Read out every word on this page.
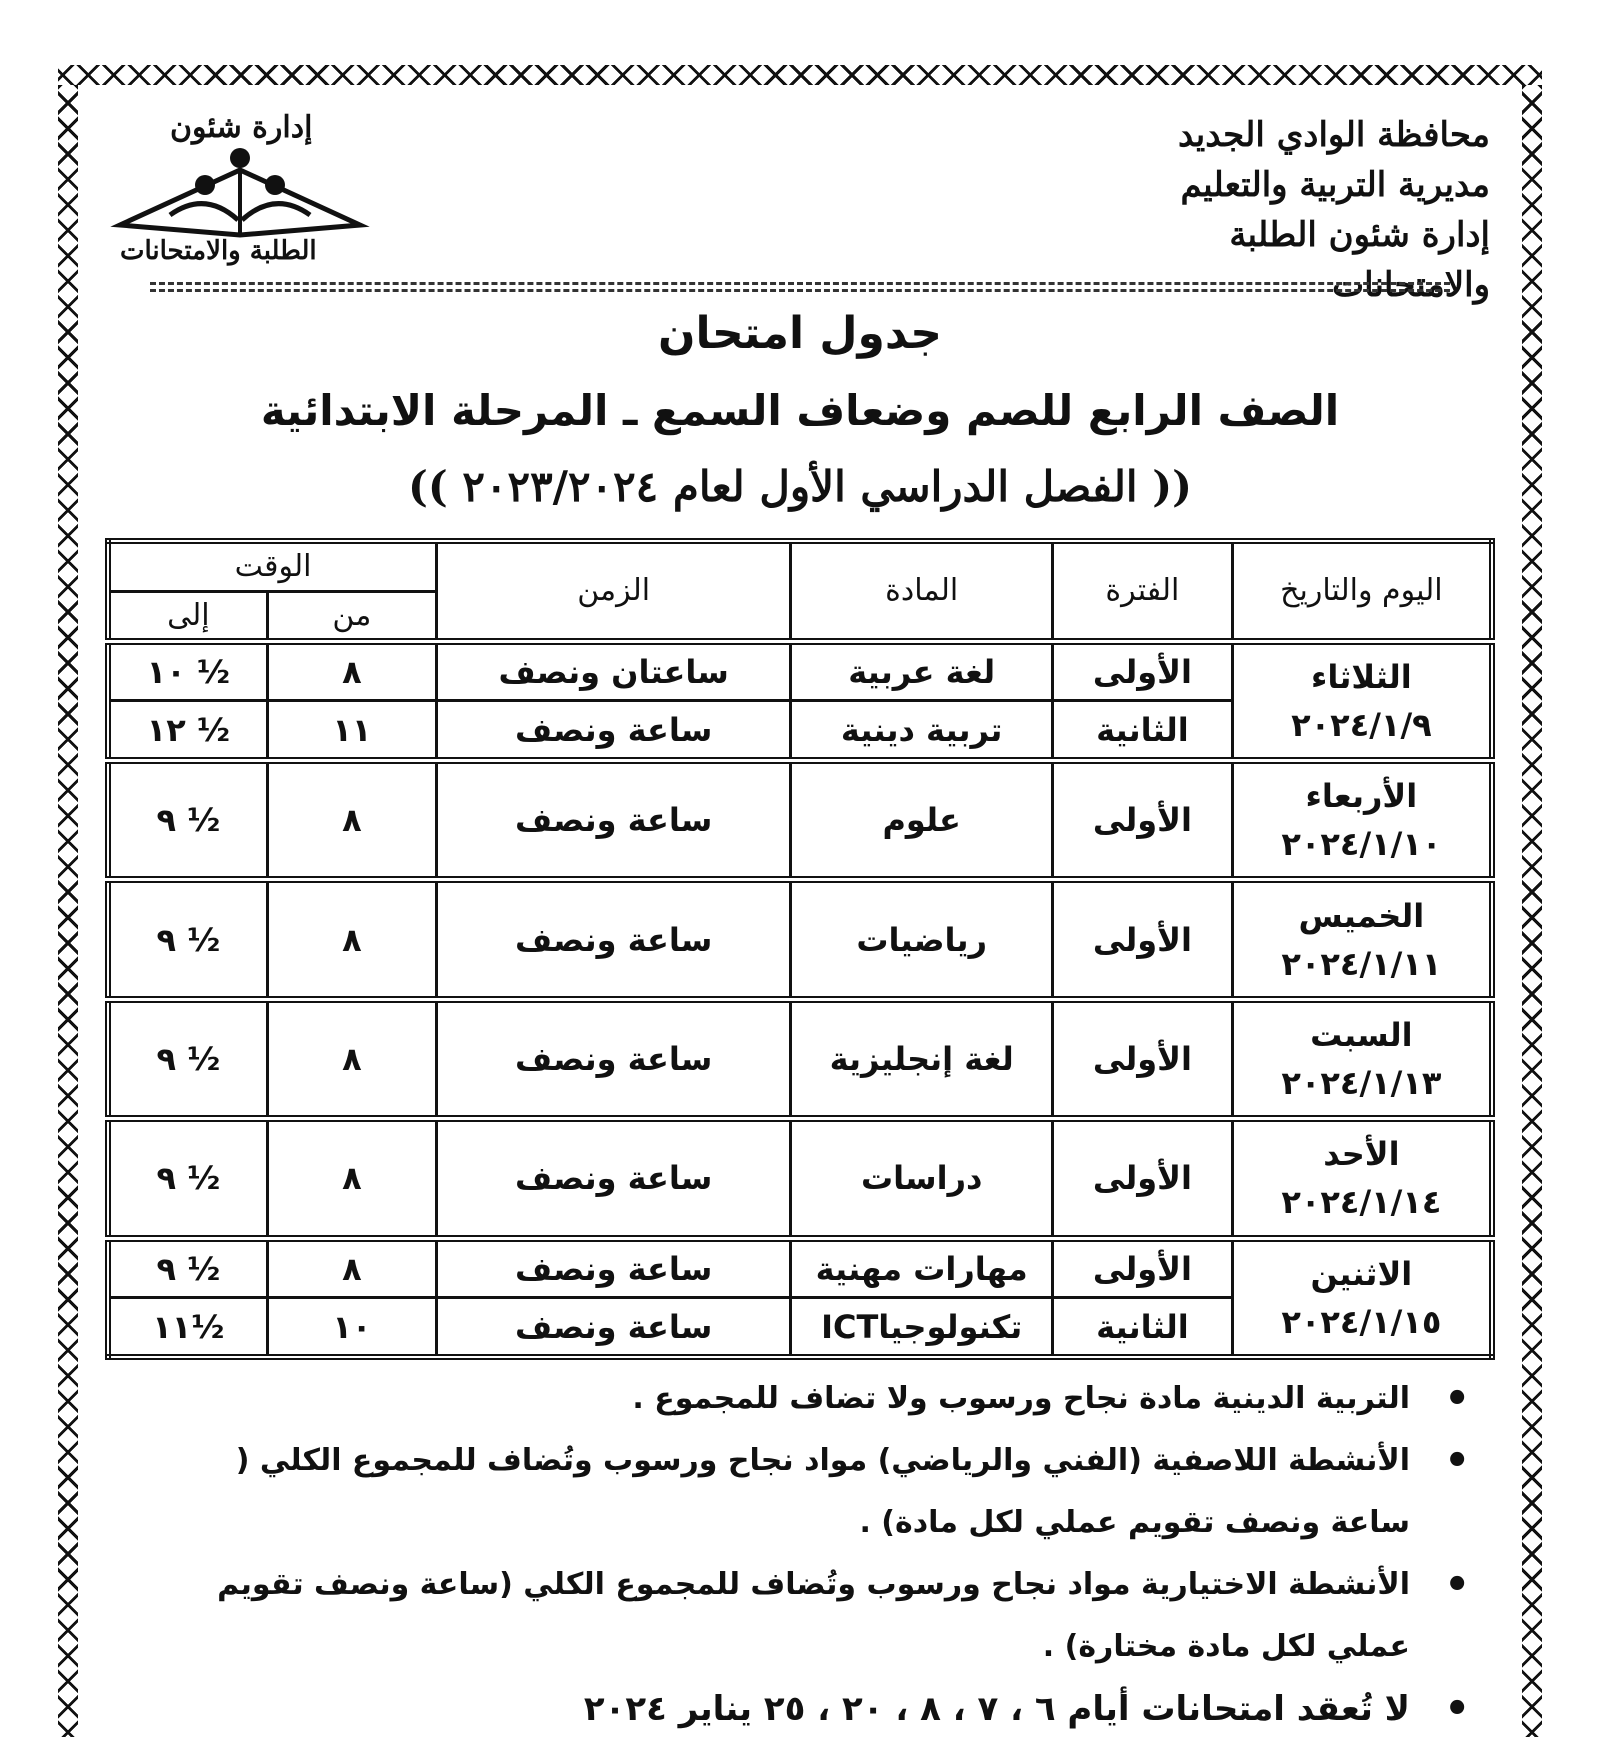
محافظة الوادي الجديد
مديرية التربية والتعليم
إدارة شئون الطلبة والامتحانات
إدارة شئون
الطلبة والامتحانات
جدول امتحان
الصف الرابع للصم وضعاف السمع ـ المرحلة الابتدائية
(( الفصل الدراسي الأول لعام ٢٠٢٣/٢٠٢٤ ))
اليوم والتاريخ	الفترة	المادة	الزمن	الوقت	
				من	إلى

الثلاثاء
٢٠٢٤/١/٩	الأولى	لغة عربية	ساعتان ونصف	٨	½ ١٠
	الثانية	تربية دينية	ساعة ونصف	١١	½ ١٢

الأربعاء
٢٠٢٤/١/١٠	الأولى	علوم	ساعة ونصف	٨	½ ٩

الخميس
٢٠٢٤/١/١١	الأولى	رياضيات	ساعة ونصف	٨	½ ٩

السبت
٢٠٢٤/١/١٣	الأولى	لغة إنجليزية	ساعة ونصف	٨	½ ٩

الأحد
٢٠٢٤/١/١٤	الأولى	دراسات	ساعة ونصف	٨	½ ٩

الاثنين
٢٠٢٤/١/١٥	الأولى	مهارات مهنية	ساعة ونصف	٨	½ ٩
	الثانية	تكنولوجياICT	ساعة ونصف	١٠	½١١
• التربية الدينية مادة نجاح ورسوب ولا تضاف للمجموع .
• الأنشطة اللاصفية (الفني والرياضي) مواد نجاح ورسوب وتُضاف للمجموع الكلي ( ساعة ونصف تقويم عملي لكل مادة) .
• الأنشطة الاختيارية مواد نجاح ورسوب وتُضاف للمجموع الكلي (ساعة ونصف تقويم عملي لكل مادة مختارة) .
• لا تُعقد امتحانات أيام ٦ ، ٧ ، ٨ ، ٢٠ ، ٢٥ يناير ٢٠٢٤
